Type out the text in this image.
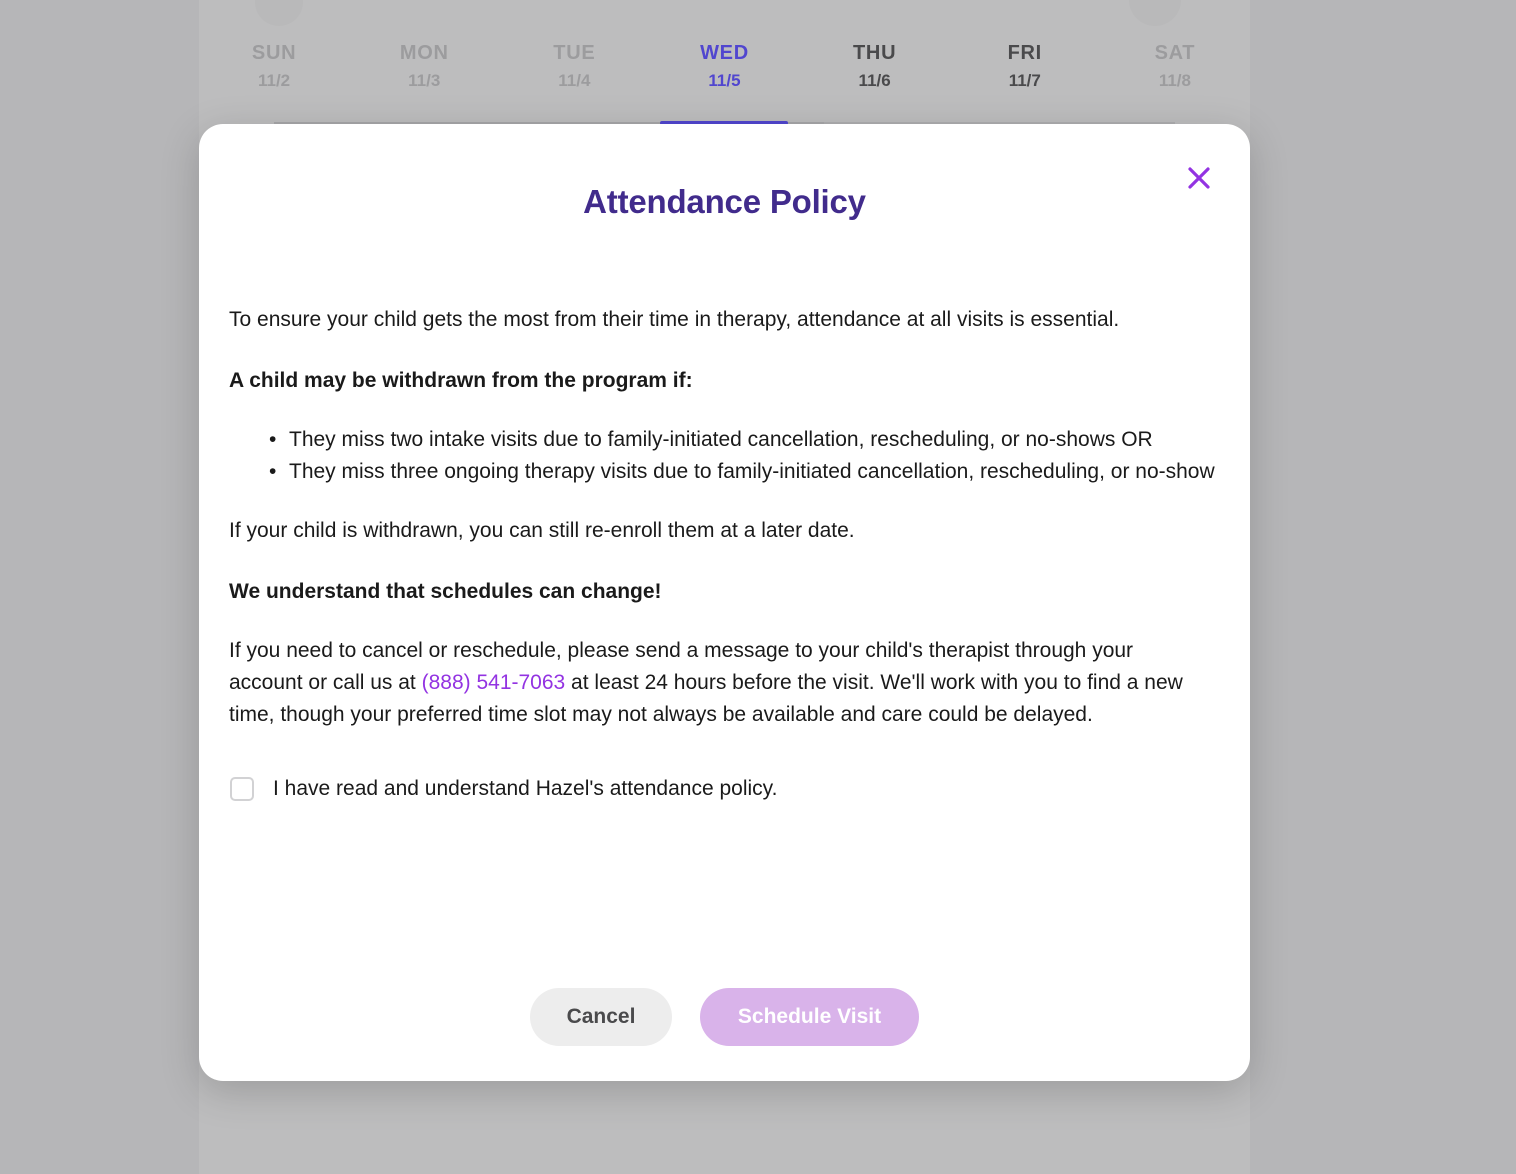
SUN
11/2
MON
11/3
TUE
11/4
WED
11/5
THU
11/6
FRI
11/7
SAT
11/8
Attendance Policy

To ensure your child gets the most from their time in therapy, attendance at all visits is essential.

A child may be withdrawn from the program if:

• They miss two intake visits due to family-initiated cancellation, rescheduling, or no-shows OR
• They miss three ongoing therapy visits due to family-initiated cancellation, rescheduling, or no-show

If your child is withdrawn, you can still re-enroll them at a later date.

We understand that schedules can change!

If you need to cancel or reschedule, please send a message to your child's therapist through your account or call us at (888) 541-7063 at least 24 hours before the visit. We'll work with you to find a new time, though your preferred time slot may not always be available and care could be delayed.

I have read and understand Hazel's attendance policy.
Cancel	Schedule Visit
